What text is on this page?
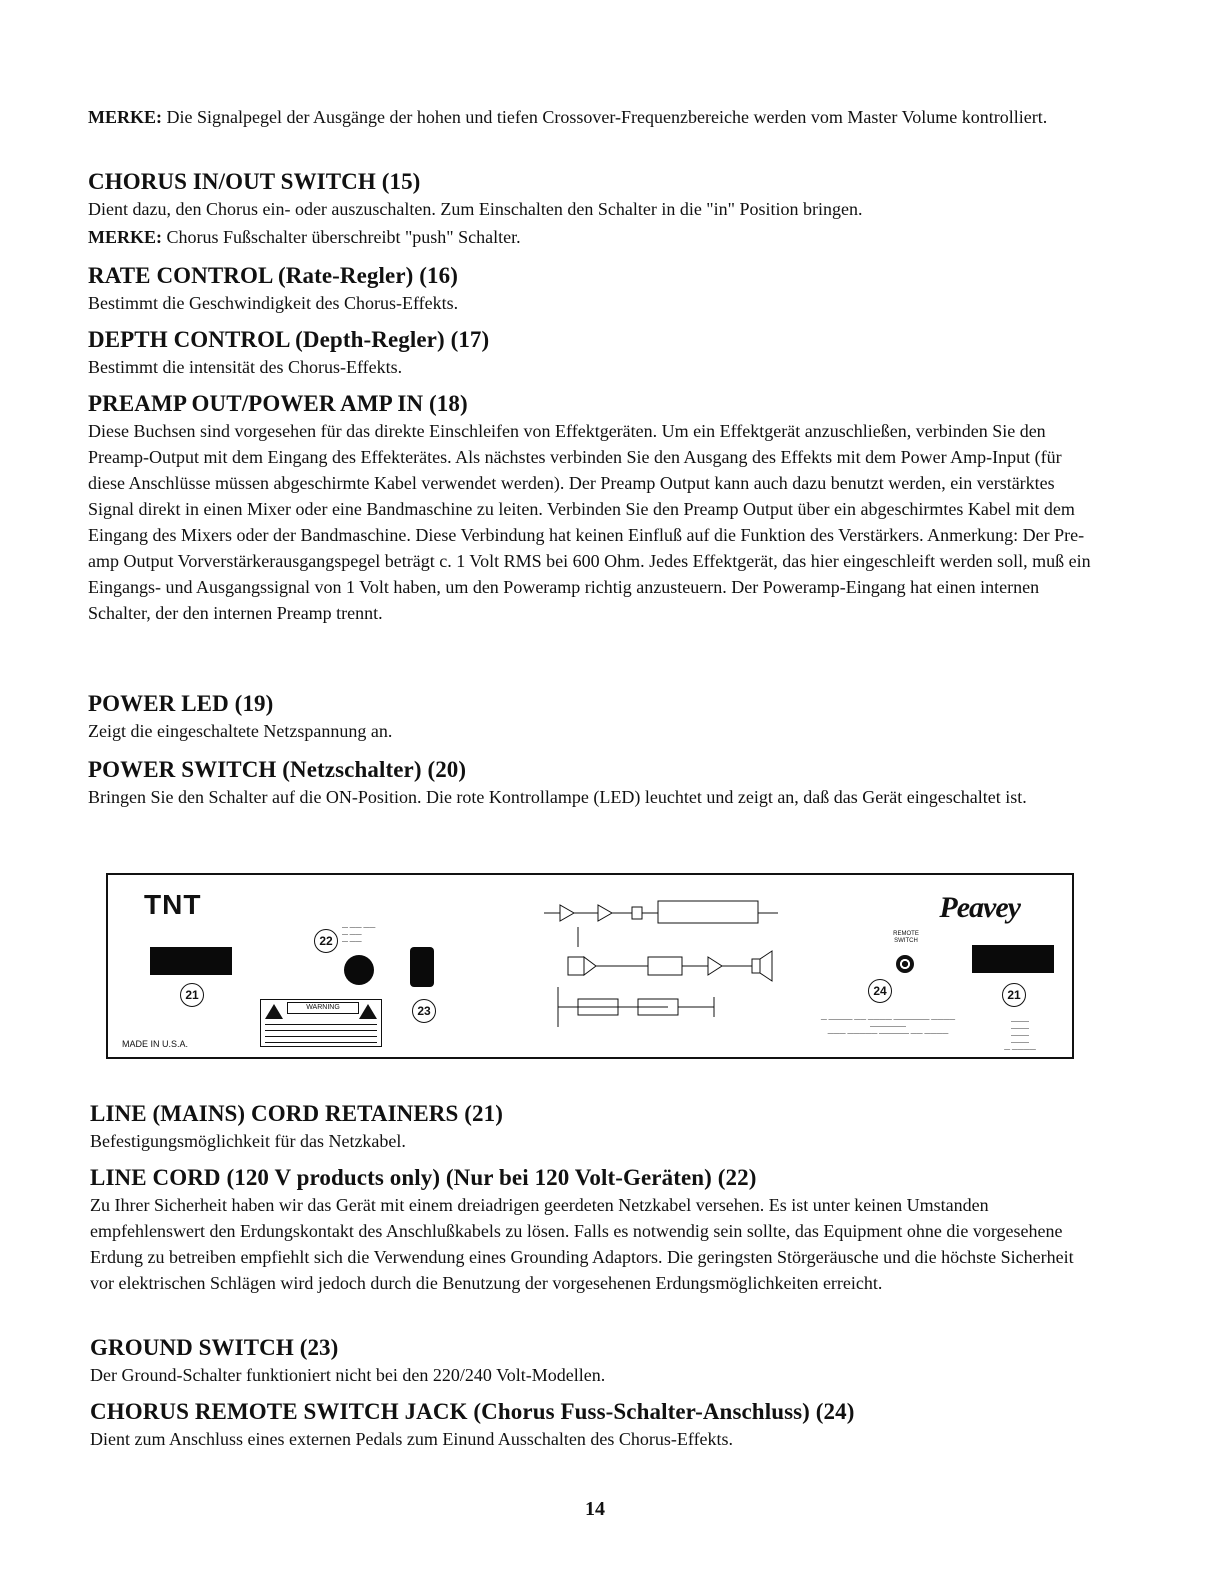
MERKE: Die Signalpegel der Ausgänge der hohen und tiefen Crossover-Frequenzbereiche werden vom Master Volume kontrolliert.

CHORUS IN/OUT SWITCH (15)

Dient dazu, den Chorus ein- oder auszuschalten. Zum Einschalten den Schalter in die "in" Position bringen.

MERKE: Chorus Fußschalter überschreibt "push" Schalter.

RATE CONTROL (Rate-Regler) (16)

Bestimmt die Geschwindigkeit des Chorus-Effekts.

DEPTH CONTROL (Depth-Regler) (17)

Bestimmt die intensität des Chorus-Effekts.

PREAMP OUT/POWER AMP IN (18)

Diese Buchsen sind vorgesehen für das direkte Einschleifen von Effektgeräten. Um ein Effektgerät anzuschließen, verbinden Sie den Preamp-Output mit dem Eingang des Effekterätes. Als nächstes verbinden Sie den Ausgang des Effekts mit dem Power Amp-Input (für diese Anschlüsse müssen abgeschirmte Kabel verwendet werden). Der Preamp Output kann auch dazu benutzt werden, ein verstärktes Signal direkt in einen Mixer oder eine Bandmaschine zu leiten. Verbinden Sie den Preamp Output über ein abgeschirmtes Kabel mit dem Eingang des Mixers oder der Bandmaschine. Diese Verbindung hat keinen Einfluß auf die Funktion des Verstärkers. Anmerkung: Der Pre-amp Output Vorverstärkerausgangspegel beträgt c. 1 Volt RMS bei 600 Ohm. Jedes Effektgerät, das hier eingeschleift werden soll, muß ein Eingangs- und Ausgangssignal von 1 Volt haben, um den Poweramp richtig anzusteuern. Der Poweramp-Eingang hat einen internen Schalter, der den internen Preamp trennt.

POWER LED (19)

Zeigt die eingeschaltete Netzspannung an.

POWER SWITCH (Netzschalter) (20)

Bringen Sie den Schalter auf die ON-Position. Die rote Kontrollampe (LED) leuchtet und zeigt an, daß das Gerät eingeschaltet ist.

TNT	Peavey
21
22
― ―― ――
― ――
― ――
23
WARNING
REMOTE SWITCH
24
― ―――― ―― ―――― ―――――― ――――
――――――
――― ――――― ――――― ―― ――――
21
――― ―――
――― ―――
― ――――
MADE IN U.S.A.
LINE (MAINS) CORD RETAINERS (21)

Befestigungsmöglichkeit für das Netzkabel.

LINE CORD (120 V products only) (Nur bei 120 Volt-Geräten) (22)

Zu Ihrer Sicherheit haben wir das Gerät mit einem dreiadrigen geerdeten Netzkabel versehen. Es ist unter keinen Umstanden empfehlenswert den Erdungskontakt des Anschlußkabels zu lösen. Falls es notwendig sein sollte, das Equipment ohne die vorgesehene Erdung zu betreiben empfiehlt sich die Verwendung eines Grounding Adaptors. Die geringsten Störgeräusche und die höchste Sicherheit vor elektrischen Schlägen wird jedoch durch die Benutzung der vorgesehenen Erdungsmöglichkeiten erreicht.

GROUND SWITCH (23)

Der Ground-Schalter funktioniert nicht bei den 220/240 Volt-Modellen.

CHORUS REMOTE SWITCH JACK (Chorus Fuss-Schalter-Anschluss) (24)

Dient zum Anschluss eines externen Pedals zum Einund Ausschalten des Chorus-Effekts.

14
